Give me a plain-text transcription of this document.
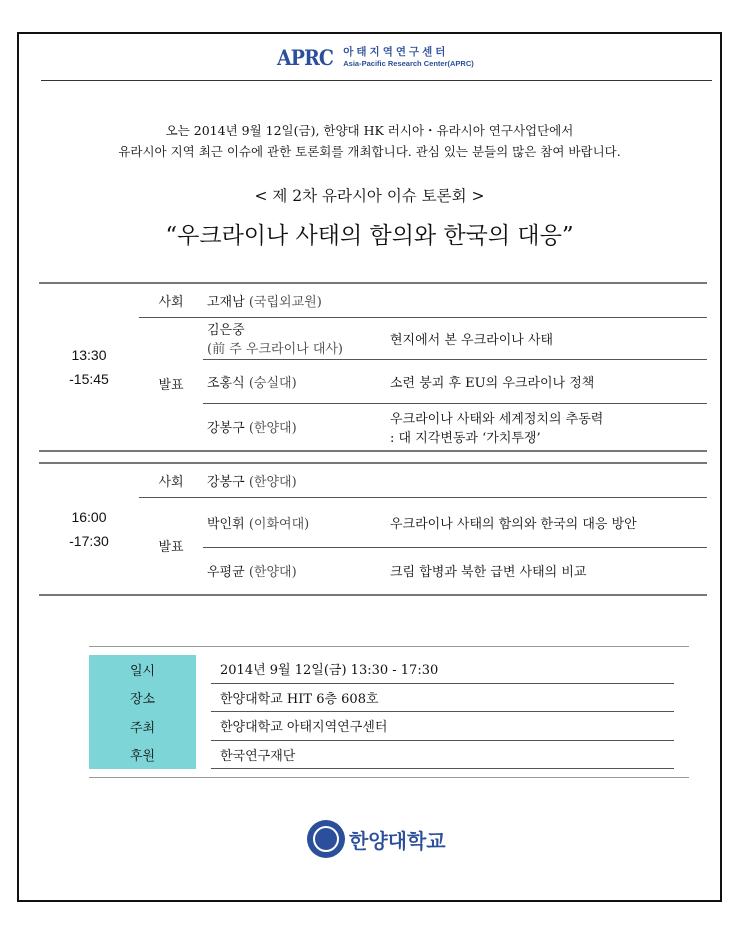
APRC 아태지역연구센터
Asia-Pacific Research Center(APRC)
오는 2014년 9월 12일(금), 한양대 HK 러시아・유라시아 연구사업단에서
유라시아 지역 최근 이슈에 관한 토론회를 개최합니다. 관심 있는 분들의 많은 참여 바랍니다.
< 제 2차 유라시아 이슈 토론회 >
“우크라이나 사태의 함의와 한국의 대응”
13:30
-15:45	사회	고재남 (국립외교원)	
	발표	김은중
(前 주 우크라이나 대사)	현지에서 본 우크라이나 사태
		조홍식 (숭실대)	소련 붕괴 후 EU의 우크라이나 정책
		강봉구 (한양대)	우크라이나 사태와 세계정치의 추동력
: 대 지각변동과 ‘가치투쟁’
16:00
-17:30	사회	강봉구 (한양대)	
	발표	박인휘 (이화여대)	우크라이나 사태의 함의와 한국의 대응 방안
		우평균 (한양대)	크림 합병과 북한 급변 사태의 비교
일시	2014년 9월 12일(금) 13:30 - 17:30
장소	한양대학교 HIT 6층 608호
주최	한양대학교 아태지역연구센터
후원	한국연구재단
한양대학교
